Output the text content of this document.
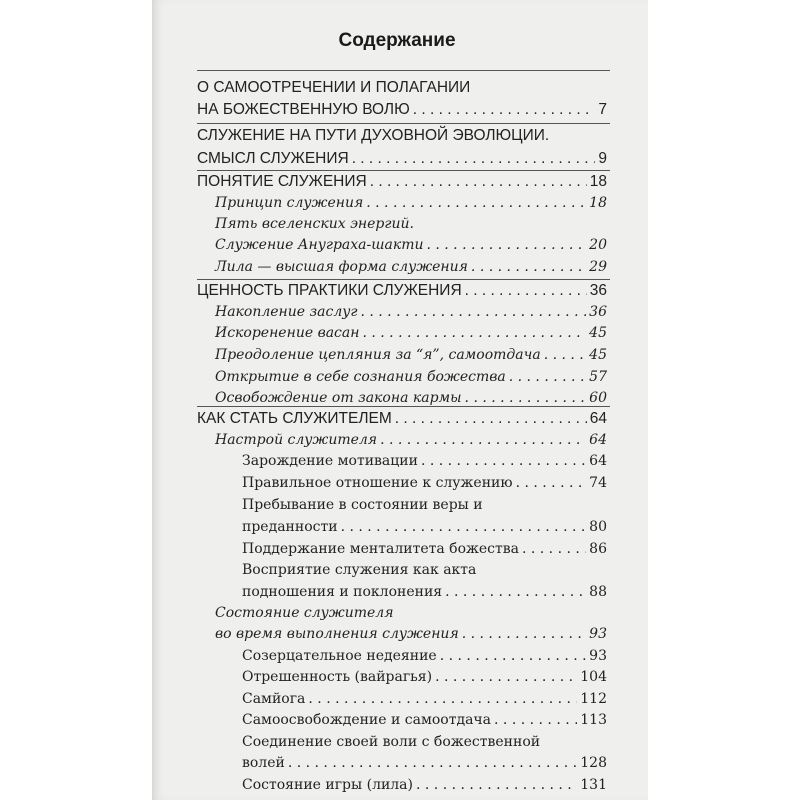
Содержание
О САМООТРЕЧЕНИИ И ПОЛАГАНИИ
НА БОЖЕСТВЕННУЮ ВОЛЮ . . .	7
СЛУЖЕНИЕ НА ПУТИ ДУХОВНОЙ ЭВОЛЮЦИИ.
СМЫСЛ СЛУЖЕНИЯ . . .	9
ПОНЯТИЕ СЛУЖЕНИЯ . . .	18
Принцип служения . . .	18
Пять вселенских энергий.
Служение Ануграха-шакти . . .	20
Лила — высшая форма служения . . .	29
ЦЕННОСТЬ ПРАКТИКИ СЛУЖЕНИЯ . . .	36
Накопление заслуг . . .	36
Искоренение васан . . .	45
Преодоление цепляния за “я”, самоотдача . . .	45
Открытие в себе сознания божества . . .	57
Освобождение от закона кармы . . .	60
КАК СТАТЬ СЛУЖИТЕЛЕМ . . .	64
Настрой служителя . . .	64
Зарождение мотивации . . .	64
Правильное отношение к служению . . .	74
Пребывание в состоянии веры и
преданности . . .	80
Поддержание менталитета божества . . .	86
Восприятие служения как акта
подношения и поклонения . . .	88
Состояние служителя
во время выполнения служения . . .	93
Созерцательное недеяние . . .	93
Отрешенность (вайрагья) . . .	104
Самйога . . .	112
Самоосвобождение и самоотдача . . .	113
Соединение своей воли с божественной
волей . . .	128
Состояние игры (лила) . . .	131
